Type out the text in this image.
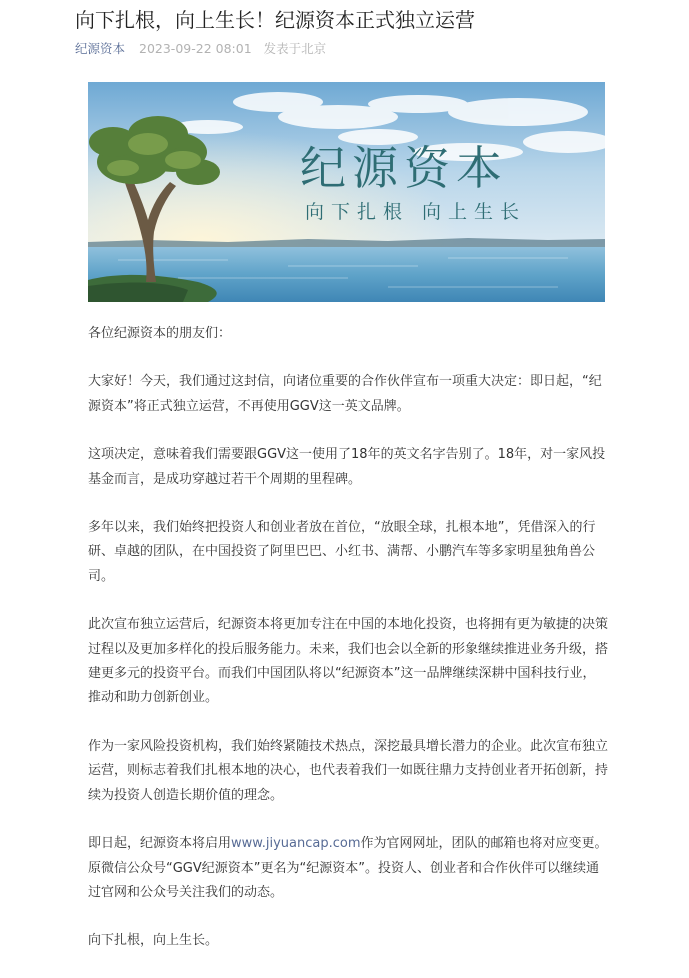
向下扎根，向上生长！纪源资本正式独立运营
纪源资本 2023-09-22 08:01 发表于北京
纪源资本
向下扎根 向上生长

各位纪源资本的朋友们：

大家好！今天，我们通过这封信，向诸位重要的合作伙伴宣布一项重大决定：即日起，“纪源资本”将正式独立运营，不再使用GGV这一英文品牌。

这项决定，意味着我们需要跟GGV这一使用了18年的英文名字告别了。18年，对一家风投基金而言，是成功穿越过若干个周期的里程碑。

多年以来，我们始终把投资人和创业者放在首位，“放眼全球，扎根本地”，凭借深入的行研、卓越的团队，在中国投资了阿里巴巴、小红书、满帮、小鹏汽车等多家明星独角兽公司。

此次宣布独立运营后，纪源资本将更加专注在中国的本地化投资，也将拥有更为敏捷的决策过程以及更加多样化的投后服务能力。未来，我们也会以全新的形象继续推进业务升级，搭建更多元的投资平台。而我们中国团队将以“纪源资本”这一品牌继续深耕中国科技行业，推动和助力创新创业。

作为一家风险投资机构，我们始终紧随技术热点，深挖最具增长潜力的企业。此次宣布独立运营，则标志着我们扎根本地的决心，也代表着我们一如既往鼎力支持创业者开拓创新，持续为投资人创造长期价值的理念。

即日起，纪源资本将启用www.jiyuancap.com作为官网网址，团队的邮箱也将对应变更。原微信公众号“GGV纪源资本”更名为“纪源资本”。投资人、创业者和合作伙伴可以继续通过官网和公众号关注我们的动态。

向下扎根，向上生长。
